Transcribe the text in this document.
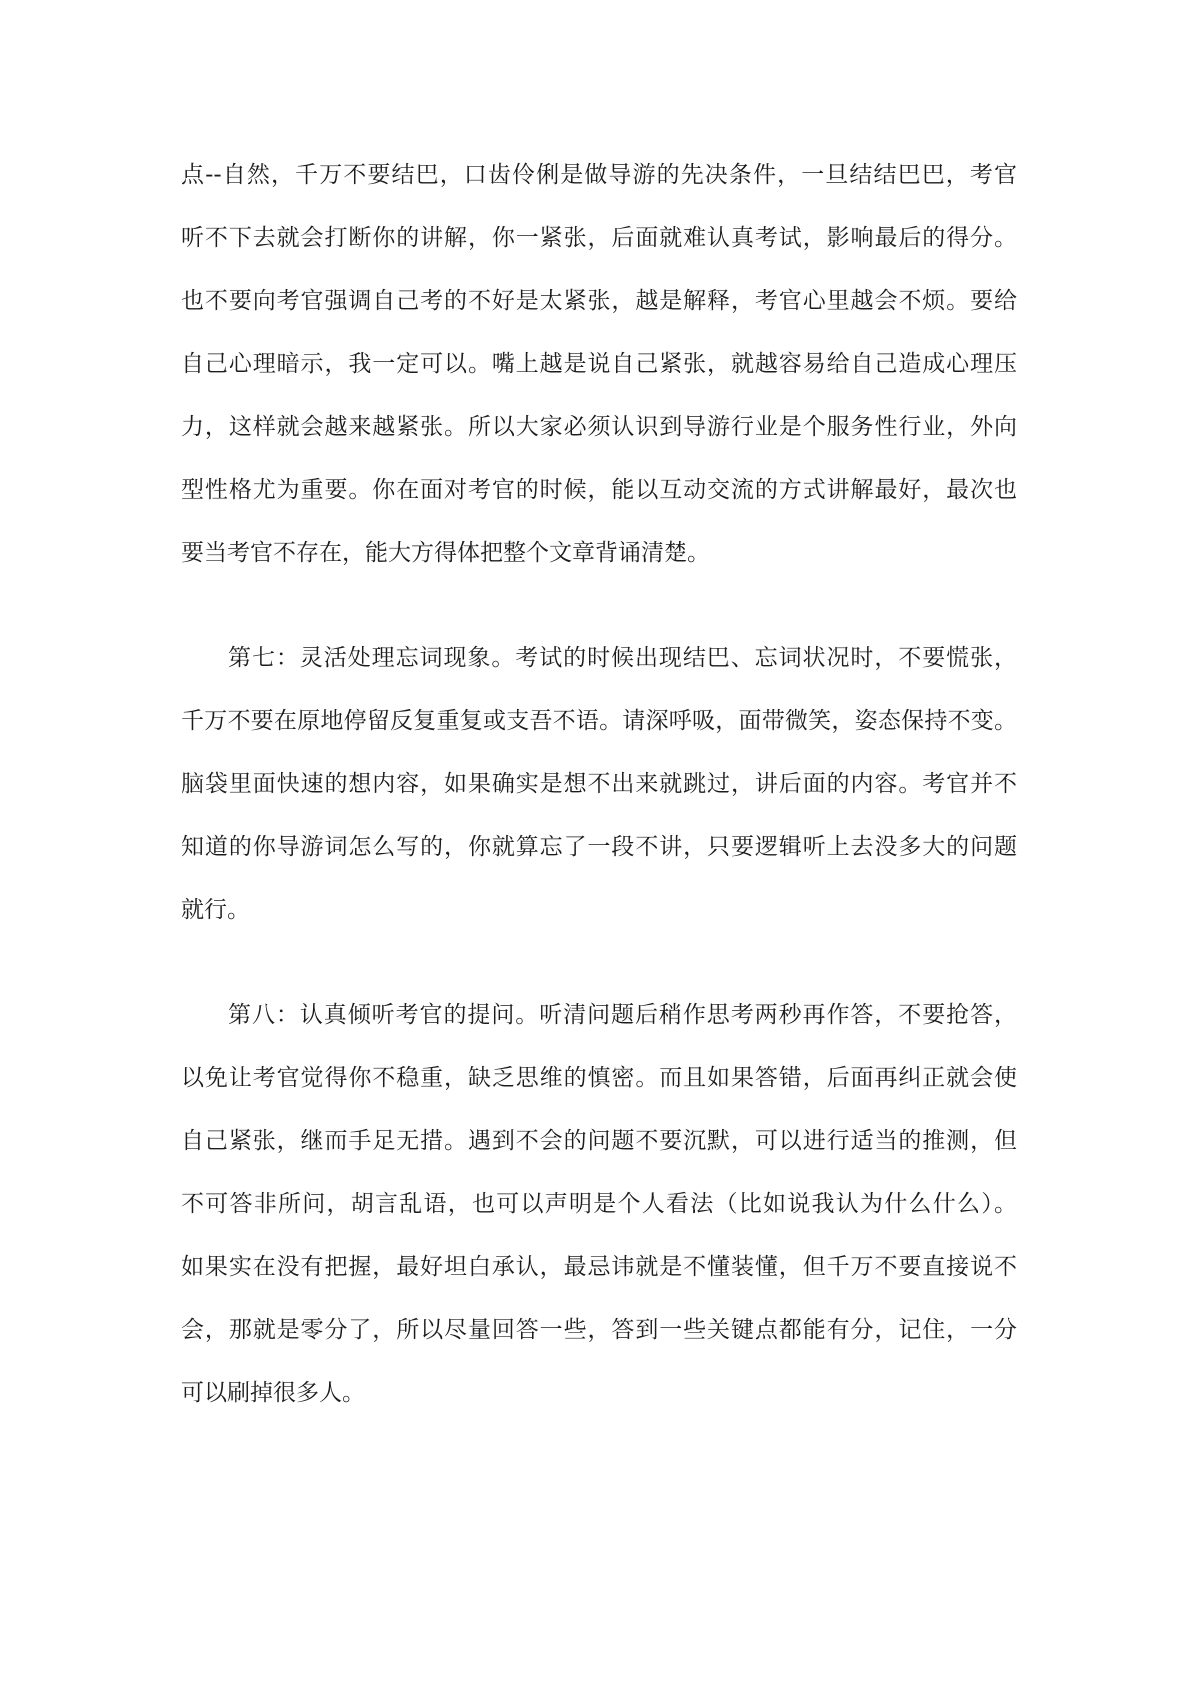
点--自然，千万不要结巴，口齿伶俐是做导游的先决条件，一旦结结巴巴，考官
听不下去就会打断你的讲解，你一紧张，后面就难认真考试，影响最后的得分。
也不要向考官强调自己考的不好是太紧张，越是解释，考官心里越会不烦。要给
自己心理暗示，我一定可以。嘴上越是说自己紧张，就越容易给自己造成心理压
力，这样就会越来越紧张。所以大家必须认识到导游行业是个服务性行业，外向
型性格尤为重要。你在面对考官的时候，能以互动交流的方式讲解最好，最次也
要当考官不存在，能大方得体把整个文章背诵清楚。
第七：灵活处理忘词现象。考试的时候出现结巴、忘词状况时，不要慌张，
千万不要在原地停留反复重复或支吾不语。请深呼吸，面带微笑，姿态保持不变。
脑袋里面快速的想内容，如果确实是想不出来就跳过，讲后面的内容。考官并不
知道的你导游词怎么写的，你就算忘了一段不讲，只要逻辑听上去没多大的问题
就行。
第八：认真倾听考官的提问。听清问题后稍作思考两秒再作答，不要抢答，
以免让考官觉得你不稳重，缺乏思维的慎密。而且如果答错，后面再纠正就会使
自己紧张，继而手足无措。遇到不会的问题不要沉默，可以进行适当的推测，但
不可答非所问，胡言乱语，也可以声明是个人看法（比如说我认为什么什么）。
如果实在没有把握，最好坦白承认，最忌讳就是不懂装懂，但千万不要直接说不
会，那就是零分了，所以尽量回答一些，答到一些关键点都能有分，记住，一分
可以刷掉很多人。
